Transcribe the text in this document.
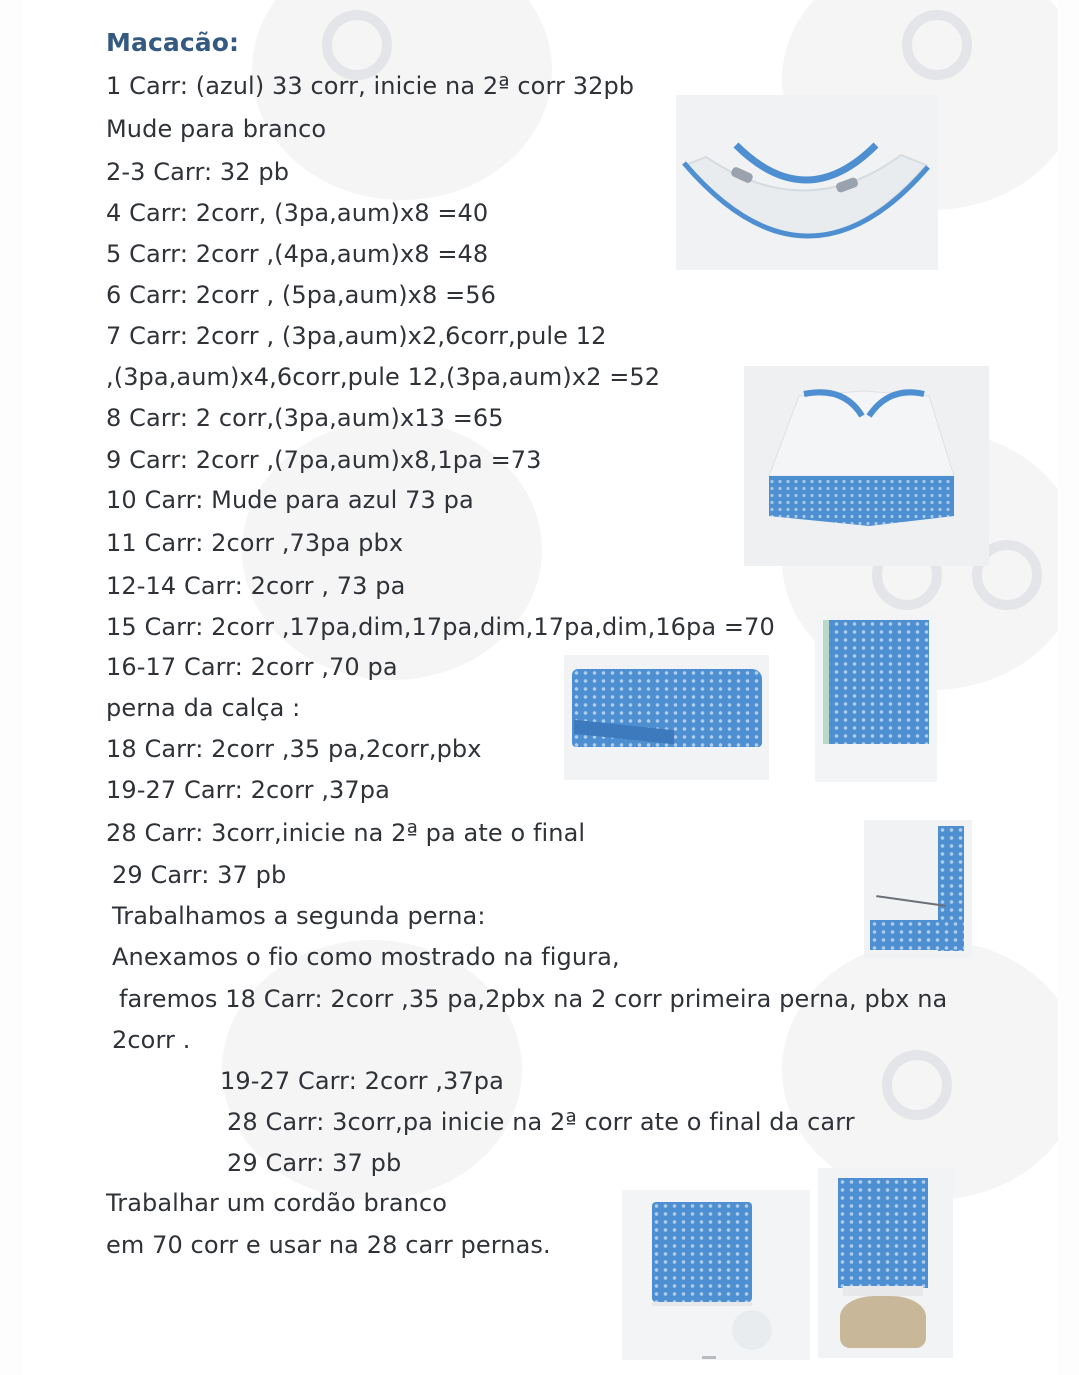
Macacão:
1 Carr: (azul) 33 corr, inicie na 2ª corr 32pb
Mude para branco
2-3 Carr: 32 pb
4 Carr: 2corr, (3pa,aum)x8 =40
5 Carr: 2corr ,(4pa,aum)x8 =48
6 Carr: 2corr , (5pa,aum)x8 =56
7 Carr: 2corr , (3pa,aum)x2,6corr,pule 12
,(3pa,aum)x4,6corr,pule 12,(3pa,aum)x2 =52
8 Carr: 2 corr,(3pa,aum)x13 =65
9 Carr: 2corr ,(7pa,aum)x8,1pa =73
10 Carr: Mude para azul 73 pa
11 Carr: 2corr ,73pa pbx
12-14 Carr: 2corr , 73 pa
15 Carr: 2corr ,17pa,dim,17pa,dim,17pa,dim,16pa =70
16-17 Carr: 2corr ,70 pa
perna da calça :
18 Carr: 2corr ,35 pa,2corr,pbx
19-27 Carr: 2corr ,37pa
28 Carr: 3corr,inicie na 2ª pa ate o final
29 Carr: 37 pb
Trabalhamos a segunda perna:
Anexamos o fio como mostrado na figura,
faremos 18 Carr: 2corr ,35 pa,2pbx na 2 corr primeira perna, pbx na
2corr .
19-27 Carr: 2corr ,37pa
28 Carr: 3corr,pa inicie na 2ª corr ate o final da carr
29 Carr: 37 pb
Trabalhar um cordão branco
em 70 corr e usar na 28 carr pernas.
